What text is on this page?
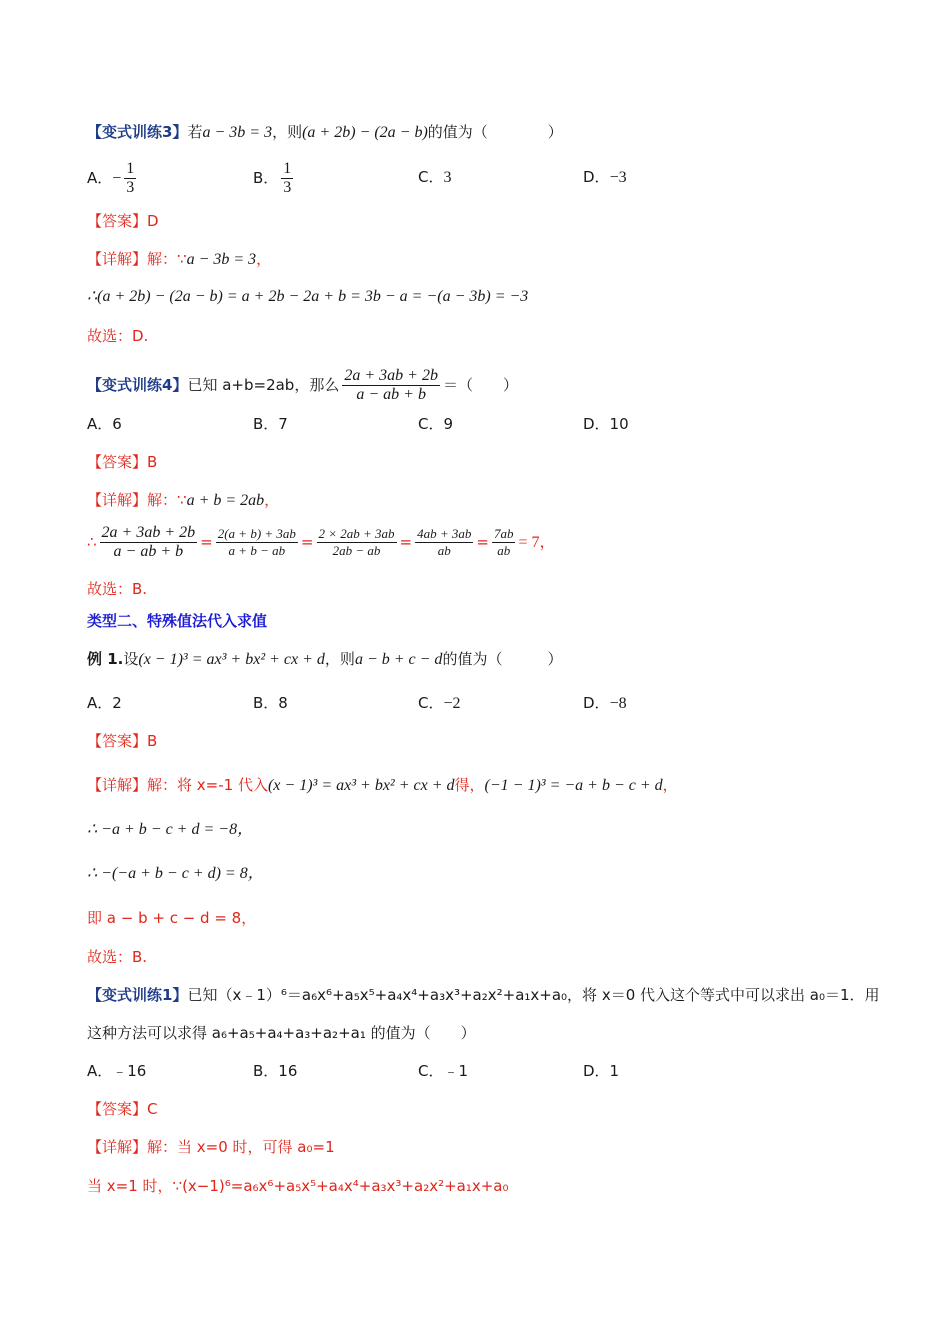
【变式训练3】若a − 3b = 3，则(a + 2b) − (2a − b)的值为（　　　　）
A．− $\frac{1}{3}$	B． $\frac{1}{3}$	C．3	D．−3
【答案】D
【详解】解：∵a − 3b = 3，
∴(a + 2b) − (2a − b) = a + 2b − 2a + b = 3b − a = −(a − 3b) = −3
故选：D.
【变式训练4】已知 a+b=2ab，那么 $\frac{2a + 3ab + 2b}{a - ab + b}$ ＝（　　）
A．6	B．7	C．9	D．10
【答案】B
【详解】解：∵a + b = 2ab，
∴ $\frac{2a + 3ab + 2b}{a - ab + b} = \frac{2(a + b) + 3ab}{a + b - ab} = \frac{2 \times 2ab + 3ab}{2ab - ab} = \frac{4ab + 3ab}{ab} = \frac{7ab}{ab} = 7$，
故选：B.
类型二、特殊值法代入求值
例 1.设(x − 1)³ = ax³ + bx² + cx + d，则a − b + c − d的值为（　　　）
A．2	B．8	C．−2	D．−8
【答案】B
【详解】解：将 x=-1 代入(x − 1)³ = ax³ + bx² + cx + d得，(−1 − 1)³ = −a + b − c + d，
∴ −a + b − c + d = −8，
∴ −(−a + b − c + d) = 8，
即 a − b + c − d = 8，
故选：B.
【变式训练1】已知（x﹣1）⁶＝a₆x⁶+a₅x⁵+a₄x⁴+a₃x³+a₂x²+a₁x+a₀，将 x＝0 代入这个等式中可以求出 a₀＝1．用
这种方法可以求得 a₆+a₅+a₄+a₃+a₂+a₁ 的值为（　　）
A．﹣16	B．16	C．﹣1	D．1
【答案】C
【详解】解：当 x=0 时，可得 a₀=1
当 x=1 时，∵(x−1)⁶=a₆x⁶+a₅x⁵+a₄x⁴+a₃x³+a₂x²+a₁x+a₀
